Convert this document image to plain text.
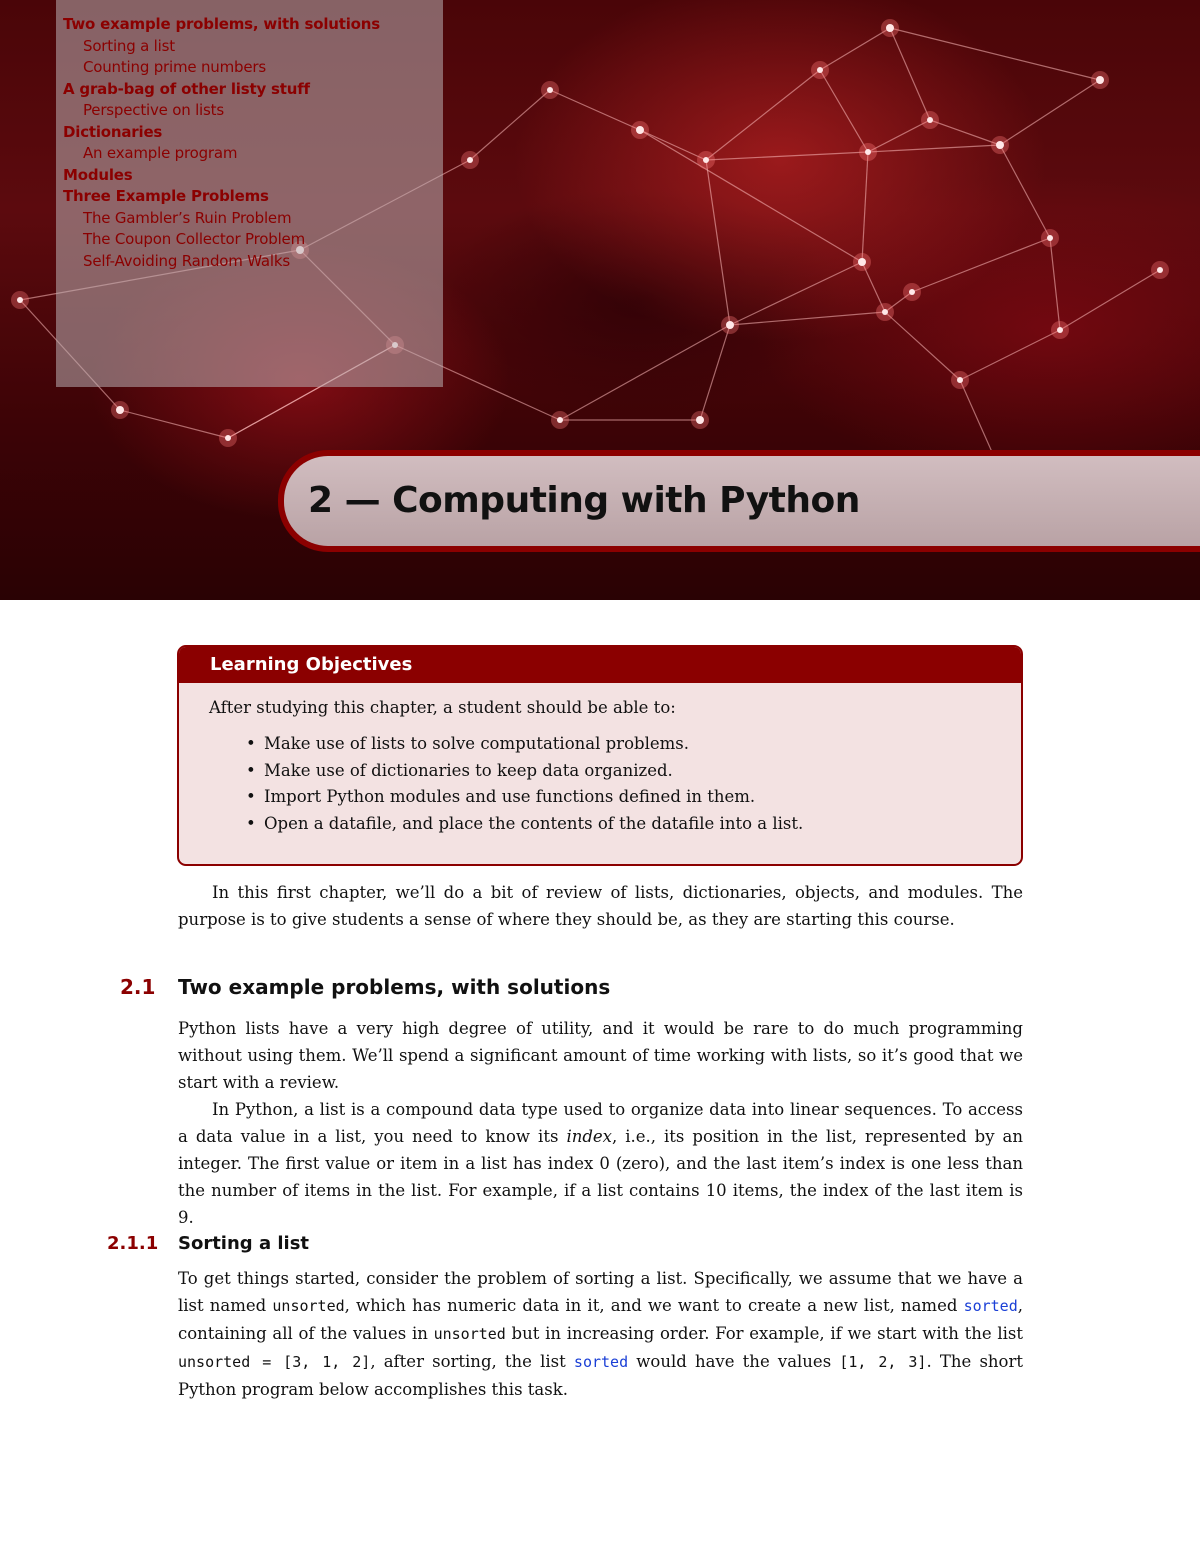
Two example problems, with solutions
Sorting a list
Counting prime numbers
A grab-bag of other listy stuff
Perspective on lists
Dictionaries
An example program
Modules
Three Example Problems
The Gambler’s Ruin Problem
The Coupon Collector Problem
Self-Avoiding Random Walks
2 — Computing with Python
Learning Objectives

After studying this chapter, a student should be able to:

• Make use of lists to solve computational problems.
• Make use of dictionaries to keep data organized.
• Import Python modules and use functions defined in them.
• Open a datafile, and place the contents of the datafile into a list.

In this first chapter, we’ll do a bit of review of lists, dictionaries, objects, and modules. The purpose is to give students a sense of where they should be, as they are starting this course.

2.1 Two example problems, with solutions

Python lists have a very high degree of utility, and it would be rare to do much programming without using them. We’ll spend a significant amount of time working with lists, so it’s good that we start with a review.

In Python, a list is a compound data type used to organize data into linear sequences. To access a data value in a list, you need to know its index, i.e., its position in the list, represented by an integer. The first value or item in a list has index 0 (zero), and the last item’s index is one less than the number of items in the list. For example, if a list contains 10 items, the index of the last item is 9.

2.1.1 Sorting a list

To get things started, consider the problem of sorting a list. Specifically, we assume that we have a list named unsorted, which has numeric data in it, and we want to create a new list, named sorted, containing all of the values in unsorted but in increasing order. For example, if we start with the list unsorted = [3, 1, 2], after sorting, the list sorted would have the values [1, 2, 3]. The short Python program below accomplishes this task.
